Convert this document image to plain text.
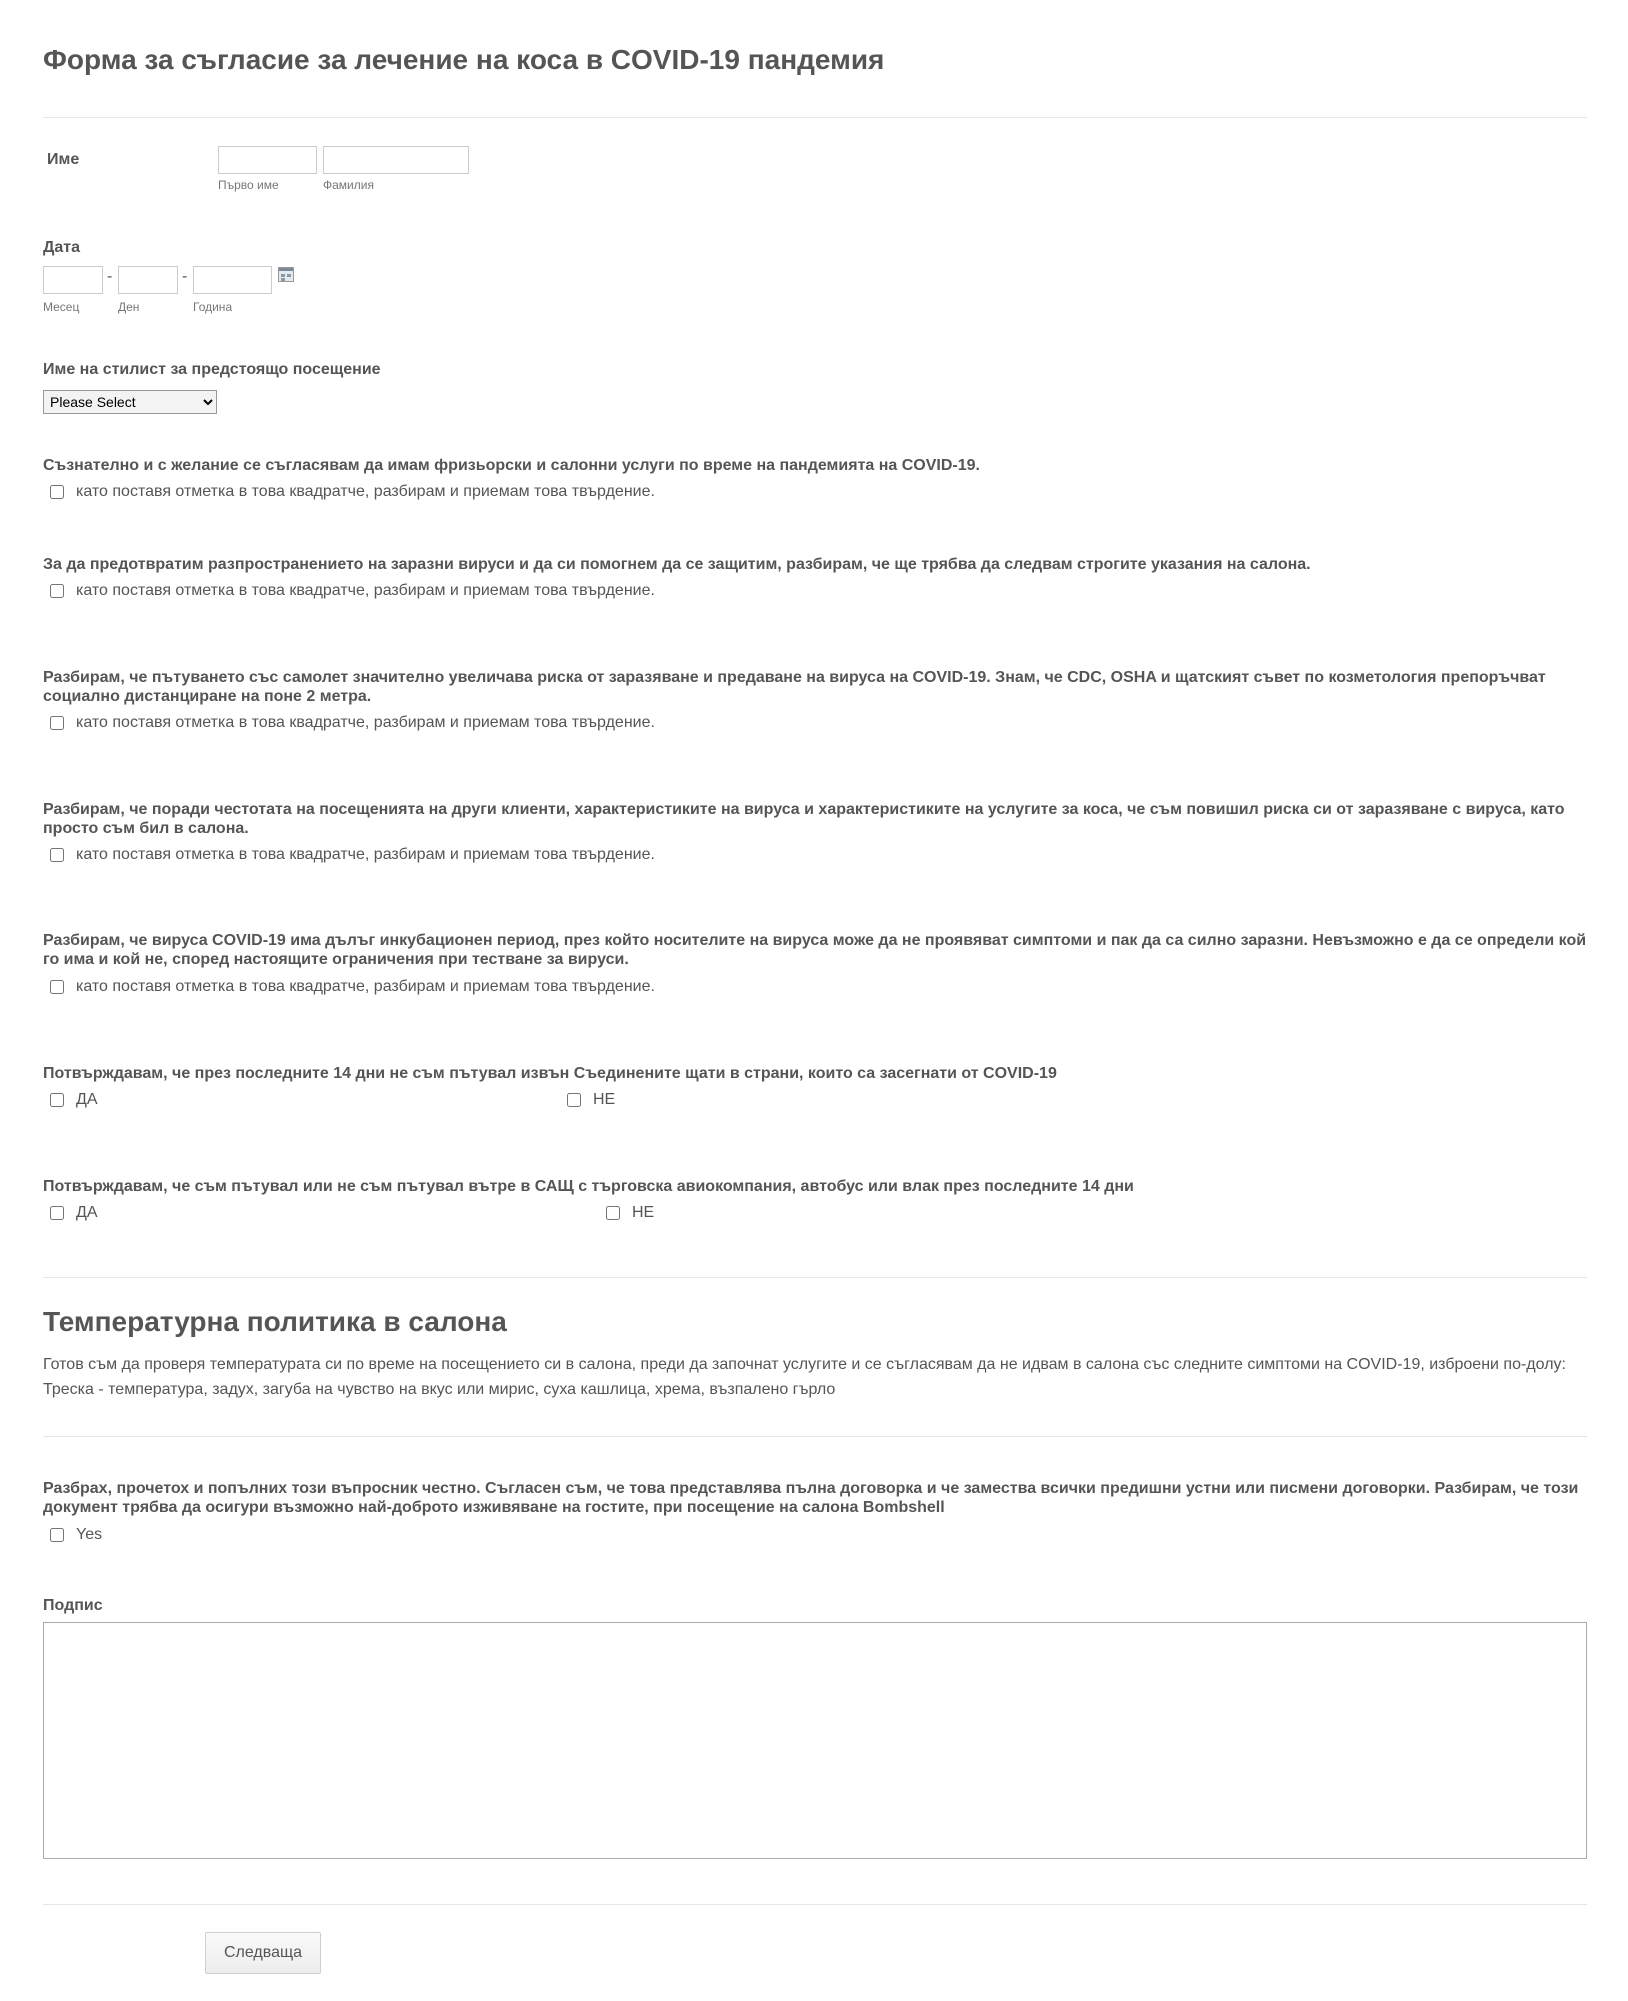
Форма за съгласие за лечение на коса в COVID-19 пандемия
Име
Първо име	Фамилия
Дата
-	-
Месец	Ден	Година
Име на стилист за предстоящо посещение
Please Select
Съзнателно и с желание се съгласявам да имам фризьорски и салонни услуги по време на пандемията на COVID-19.
като поставя отметка в това квадратче, разбирам и приемам това твърдение.
За да предотвратим разпространението на заразни вируси и да си помогнем да се защитим, разбирам, че ще трябва да следвам строгите указания на салона.
като поставя отметка в това квадратче, разбирам и приемам това твърдение.
Разбирам, че пътуването със самолет значително увеличава риска от заразяване и предаване на вируса на COVID-19. Знам, че CDC, OSHA и щатският съвет по козметология препоръчват социално дистанциране на поне 2 метра.
като поставя отметка в това квадратче, разбирам и приемам това твърдение.
Разбирам, че поради честотата на посещенията на други клиенти, характеристиките на вируса и характеристиките на услугите за коса, че съм повишил риска си от заразяване с вируса, като просто съм бил в салона.
като поставя отметка в това квадратче, разбирам и приемам това твърдение.
Разбирам, че вируса COVID-19 има дълъг инкубационен период, през който носителите на вируса може да не проявяват симптоми и пак да са силно заразни. Невъзможно е да се определи кой го има и кой не, според настоящите ограничения при тестване за вируси.
като поставя отметка в това квадратче, разбирам и приемам това твърдение.
Потвърждавам, че през последните 14 дни не съм пътувал извън Съединените щати в страни, които са засегнати от COVID-19
ДА	НЕ
Потвърждавам, че съм пътувал или не съм пътувал вътре в САЩ с търговска авиокомпания, автобус или влак през последните 14 дни
ДА	НЕ
Температурна политика в салона

Готов съм да проверя температурата си по време на посещението си в салона, преди да започнат услугите и се съгласявам да не идвам в салона със следните симптоми на COVID-19, изброени по-долу: Треска - температура, задух, загуба на чувство на вкус или мирис, суха кашлица, хрема, възпалено гърло

Разбрах, прочетох и попълних този въпросник честно. Съгласен съм, че това представлява пълна договорка и че замества всички предишни устни или писмени договорки. Разбирам, че този документ трябва да осигури възможно най-доброто изживяване на гостите, при посещение на салона Bombshell
Yes
Подпис
Следваща
